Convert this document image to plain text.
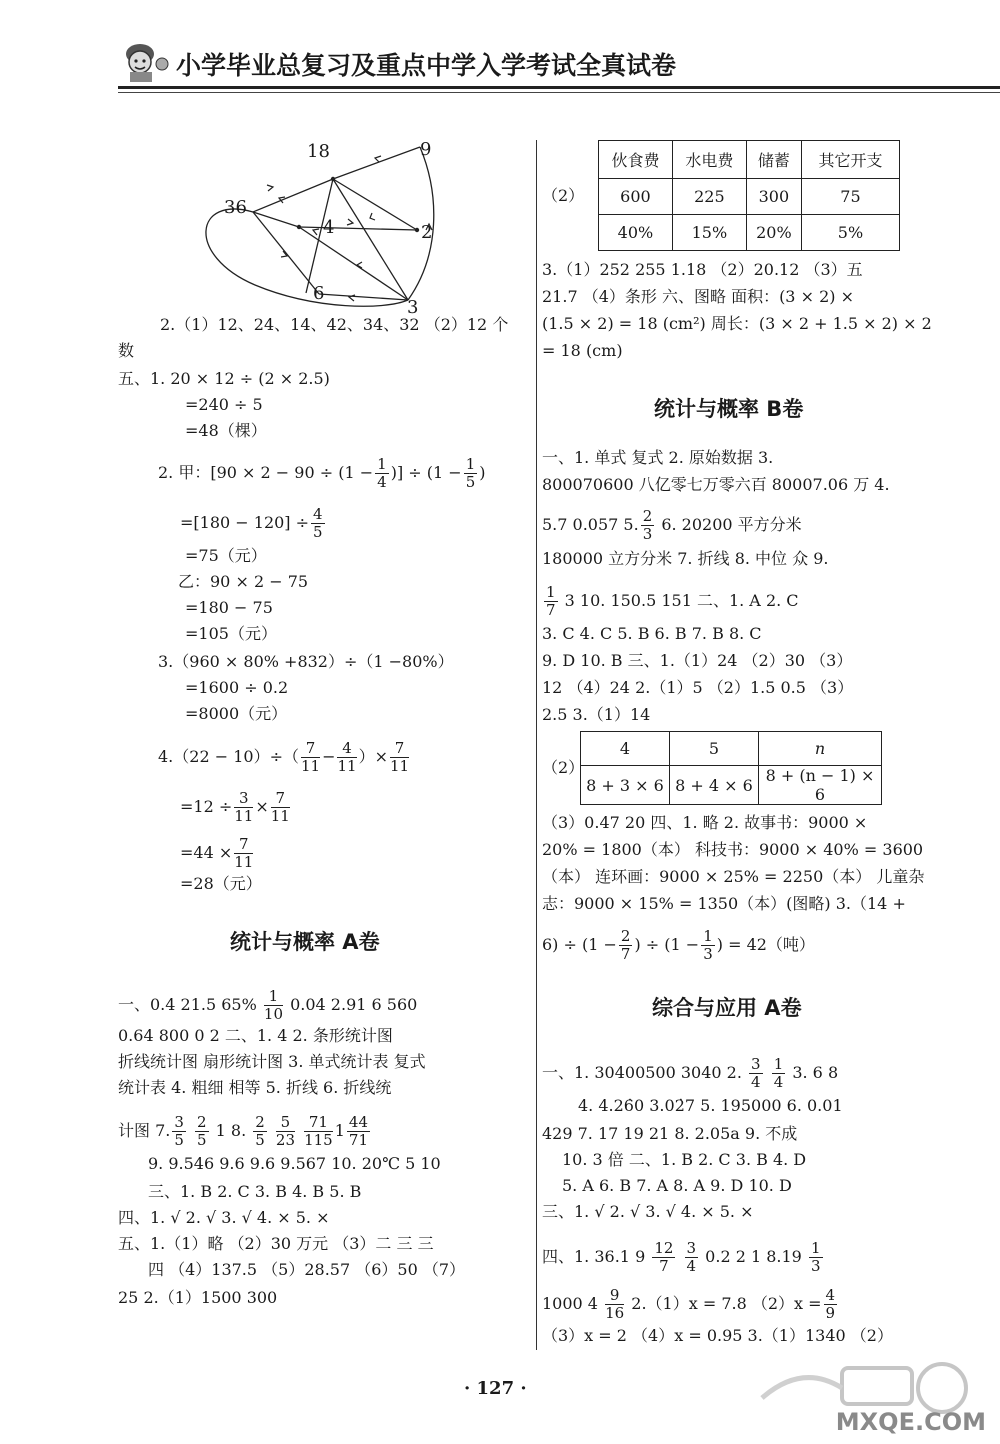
小学毕业总复习及重点中学入学考试全真试卷
18	9
36
4	2
6
3
2.（1）12、24、14、42、34、32 （2）12 个
数
五、1. 20 × 12 ÷ (2 × 2.5)
=240 ÷ 5
=48（棵）
2. 甲：[$90 \times 2 - 90 \div (1 - \frac{1}{4}$ )] ÷ ($1 - \frac{1}{5}$ )
$=[180 - 120] \div \frac{4}{5}$
=75（元）
乙：90 × 2 − 75
=180 − 75
=105（元）
3.（960 × 80% +832）÷（1 −80%）
=1600 ÷ 0.2
=8000（元）
$4.(22 - 10)\div( \frac{7}{11} - \frac{4}{11}$ ）× $\frac{7}{11}$
$=12 \div \frac{3}{11} \times \frac{7}{11}$
$=44 \times \frac{7}{11}$
=28（元）
统计与概率 A卷
一、0.4 21.5 $65\% \frac{1}{10} 0.04$ 2.91 6 560
0.64 800 0 2 二、1. 4 2. 条形统计图
折线统计图 扇形统计图 3. 单式统计表 复式
统计表 4. 粗细 相等 5. 折线 6. 折线统
计图 7. $\frac{3}{5}$
$\frac{2}{5} 1$ 8. $\frac{2}{5}$
$\frac{5}{23}$
$\frac{71}{115} 1 \frac{44}{71}$
9. 9.546 9.6 9.6 9.567 10. 20℃ 5 10
三、1. B 2. C 3. B 4. B 5. B
四、1. √ 2. √ 3. √ 4. × 5. ×
五、1.（1）略 （2）30 万元 （3）二 三 三
四 （4）137.5 （5）28.57 （6）50 （7）
25 2.（1）1500 300
（2）
伙食费	水电费	储蓄	其它开支
600	225	300	75
40%	15%	20%	5%
3.（1）252 255 1.18 （2）20.12 （3）五
21.7 （4）条形 六、图略 面积：(3 × 2) ×
(1.5 × 2) = 18 (cm²) 周长：(3 × 2 + 1.5 × 2) × 2
= 18 (cm)
统计与概率 B卷
一、1. 单式 复式 2. 原始数据 3.
800070600 八亿零七万零六百 80007.06 万 4.
5.7 0.057 5. $\frac{2}{3} 6$. 20200 平方分米
180000 立方分米 7. 折线 8. 中位 众 9.
$\frac{1}{7} 3$ 10. 150.5 151 二、1. A 2. C
3. C 4. C 5. B 6. B 7. B 8. C
9. D 10. B 三、1.（1）24 （2）30 （3）
12 （4）24 2.（1）5 （2）1.5 0.5 （3）
2.5 3.（1）14
（2）
4	5	n
8 + 3 × 6	8 + 4 × 6	8 + (n − 1) × 6
（3）0.47 20 四、1. 略 2. 故事书：9000 ×
20% = 1800（本） 科技书：9000 × 40% = 3600
（本） 连环画：9000 × 25% = 2250（本） 儿童杂
志：9000 × 15% = 1350（本）(图略) 3.（14 +
$6) \div (1 - \frac{2}{7}$ ) ÷ ($1 - \frac{1}{3}$ ) = 42（吨）
综合与应用 A卷
一、1. 30400500 3040 2. $\frac{3}{4}$
$\frac{1}{4} 3$. 6 8
4. 4.26̇0 3.02̇7 5. 195000 6. 0.01
429 7. 17 19 21 8. 2.05a 9. 不成
10. 3 倍 二、1. B 2. C 3. B 4. D
5. A 6. B 7. A 8. A 9. D 10. D
三、1. √ 2. √ 3. √ 4. × 5. ×
四、1. 36.1 $9 \frac{12}{7}$
$\frac{3}{4} 0.2$ 2 1 $8.19 \frac{1}{3}$
1000 $4 \frac{9}{16} 2.(1)x = 7.8$ $(2)x = \frac{4}{9}$
（3）x = 2 （4）x = 0.95 3.（1）1340 （2）
· 127 ·
MXQE.COM
